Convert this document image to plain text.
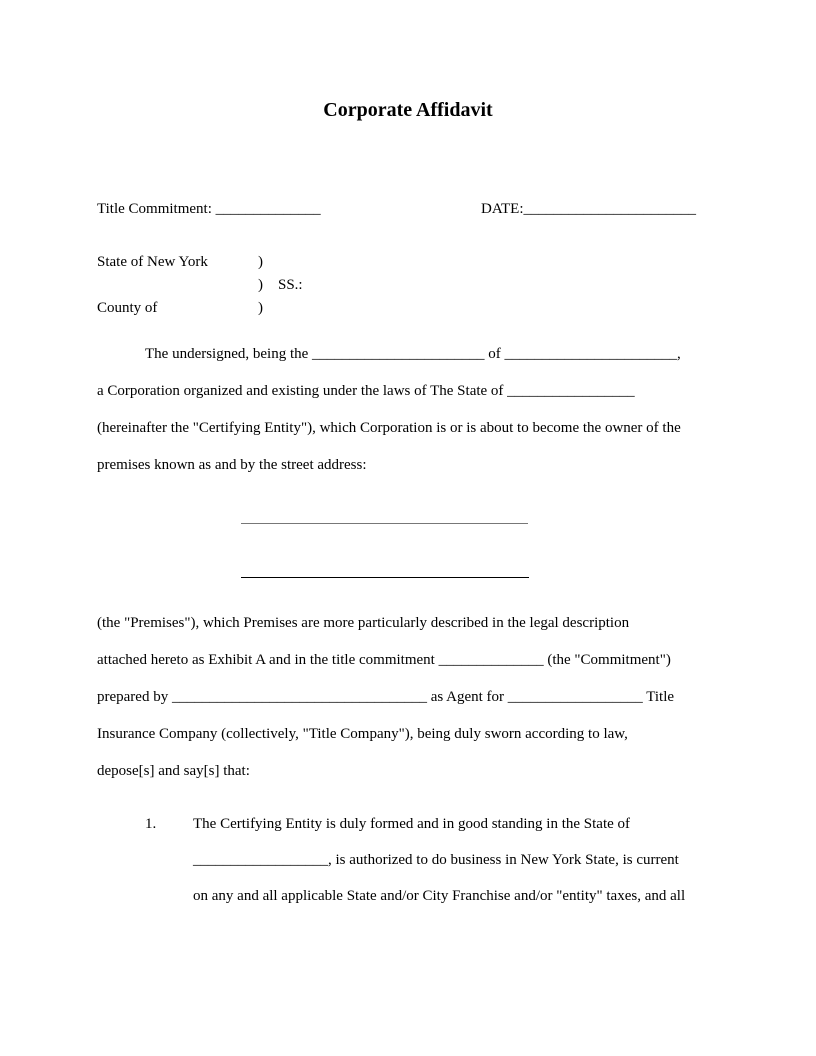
Corporate Affidavit
Title Commitment: ______________	DATE:_______________________
State of New York	)
) SS.:
County of	)
The undersigned, being the _______________________ of _______________________,
a Corporation organized and existing under the laws of The State of _________________
(hereinafter the "Certifying Entity"), which Corporation is or is about to become the owner of the
premises known as and by the street address:
(the "Premises"), which Premises are more particularly described in the legal description
attached hereto as Exhibit A and in the title commitment ______________ (the "Commitment")
prepared by __________________________________ as Agent for __________________ Title
Insurance Company (collectively, "Title Company"), being duly sworn according to law,
depose[s] and say[s] that:
1. The Certifying Entity is duly formed and in good standing in the State of
__________________, is authorized to do business in New York State, is current
on any and all applicable State and/or City Franchise and/or "entity" taxes, and all
